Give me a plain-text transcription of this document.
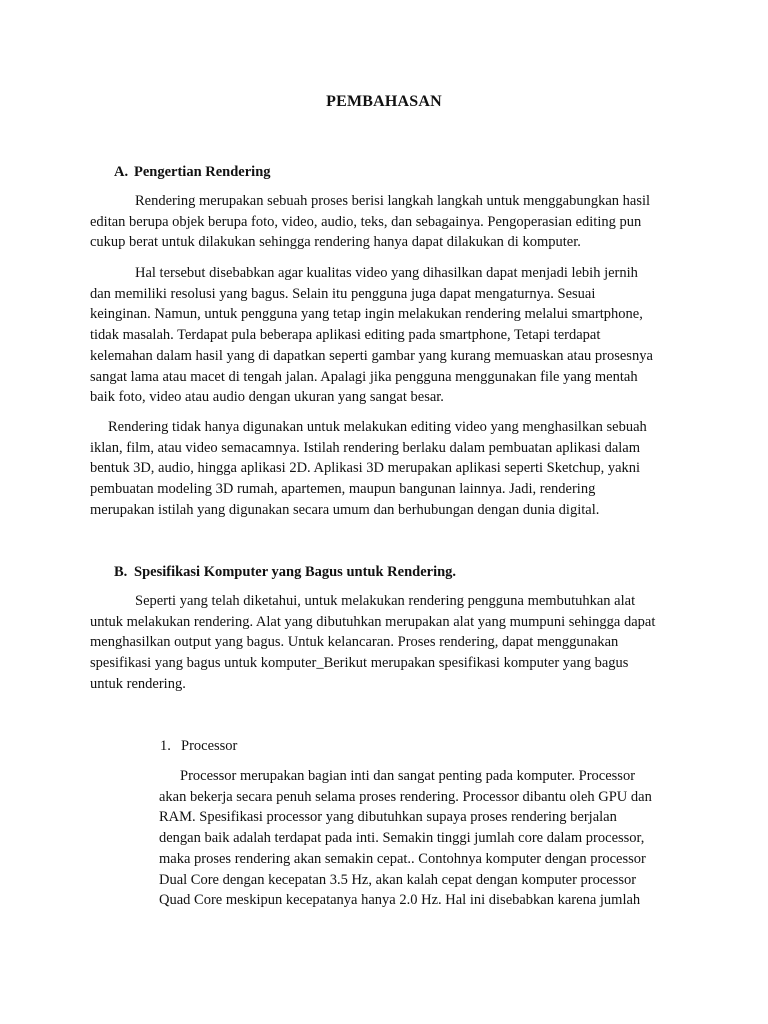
PEMBAHASAN
A. Pengertian Rendering
Rendering merupakan sebuah proses berisi langkah langkah untuk menggabungkan hasil
editan berupa objek berupa foto, video, audio, teks, dan sebagainya. Pengoperasian editing pun
cukup berat untuk dilakukan sehingga rendering hanya dapat dilakukan di komputer.
Hal tersebut disebabkan agar kualitas video yang dihasilkan dapat menjadi lebih jernih
dan memiliki resolusi yang bagus. Selain itu pengguna juga dapat mengaturnya. Sesuai
keinginan. Namun, untuk pengguna yang tetap ingin melakukan rendering melalui smartphone,
tidak masalah. Terdapat pula beberapa aplikasi editing pada smartphone, Tetapi terdapat
kelemahan dalam hasil yang di dapatkan seperti gambar yang kurang memuaskan atau prosesnya
sangat lama atau macet di tengah jalan. Apalagi jika pengguna menggunakan file yang mentah
baik foto, video atau audio dengan ukuran yang sangat besar.
Rendering tidak hanya digunakan untuk melakukan editing video yang menghasilkan sebuah
iklan, film, atau video semacamnya. Istilah rendering berlaku dalam pembuatan aplikasi dalam
bentuk 3D, audio, hingga aplikasi 2D. Aplikasi 3D merupakan aplikasi seperti Sketchup, yakni
pembuatan modeling 3D rumah, apartemen, maupun bangunan lainnya. Jadi, rendering
merupakan istilah yang digunakan secara umum dan berhubungan dengan dunia digital.
B. Spesifikasi Komputer yang Bagus untuk Rendering.
Seperti yang telah diketahui, untuk melakukan rendering pengguna membutuhkan alat
untuk melakukan rendering. Alat yang dibutuhkan merupakan alat yang mumpuni sehingga dapat
menghasilkan output yang bagus. Untuk kelancaran. Proses rendering, dapat menggunakan
spesifikasi yang bagus untuk komputer_Berikut merupakan spesifikasi komputer yang bagus
untuk rendering.
1. Processor
Processor merupakan bagian inti dan sangat penting pada komputer. Processor
akan bekerja secara penuh selama proses rendering. Processor dibantu oleh GPU dan
RAM. Spesifikasi processor yang dibutuhkan supaya proses rendering berjalan
dengan baik adalah terdapat pada inti. Semakin tinggi jumlah core dalam processor,
maka proses rendering akan semakin cepat.. Contohnya komputer dengan processor
Dual Core dengan kecepatan 3.5 Hz, akan kalah cepat dengan komputer processor
Quad Core meskipun kecepatanya hanya 2.0 Hz. Hal ini disebabkan karena jumlah
